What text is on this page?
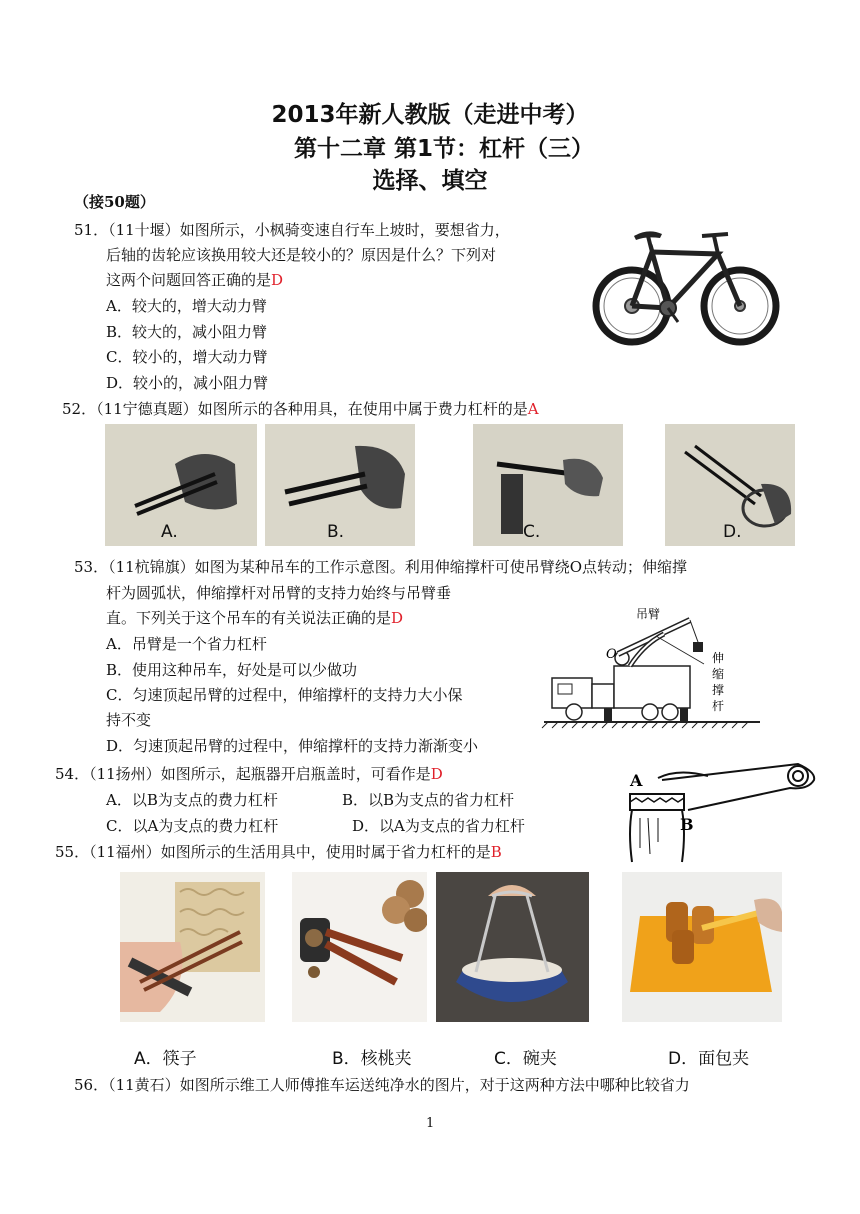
2013年新人教版（走进中考）
第十二章 第1节：杠杆（三）
选择、填空
（接50题）
51．（11十堰）如图所示，小枫骑变速自行车上坡时，要想省力，
后轴的齿轮应该换用较大还是较小的？原因是什么？下列对
这两个问题回答正确的是D
A．较大的，增大动力臂
B．较大的，减小阻力臂
C．较小的，增大动力臂
D．较小的，减小阻力臂
52．（11宁德真题）如图所示的各种用具，在使用中属于费力杠杆的是A
A.	B.	C.	D.
53．（11杭锦旗）如图为某种吊车的工作示意图。利用伸缩撑杆可使吊臂绕O点转动；伸缩撑
杆为圆弧状，伸缩撑杆对吊臂的支持力始终与吊臂垂
直。下列关于这个吊车的有关说法正确的是D
A．吊臂是一个省力杠杆
B．使用这种吊车，好处是可以少做功
C．匀速顶起吊臂的过程中，伸缩撑杆的支持力大小保
持不变
D．匀速顶起吊臂的过程中，伸缩撑杆的支持力渐渐变小
吊臂
O	伸
缩
撑
杆
54．（11扬州）如图所示，起瓶器开启瓶盖时，可看作是D
A．以B为支点的费力杠杆	B．以B为支点的省力杠杆
C．以A为支点的费力杠杆	D．以A为支点的省力杠杆
A
B
55．（11福州）如图所示的生活用具中，使用时属于省力杠杆的是B
A．筷子	B．核桃夹	C．碗夹	D．面包夹
56．（11黄石）如图所示维工人师傅推车运送纯净水的图片，对于这两种方法中哪种比较省力
1
